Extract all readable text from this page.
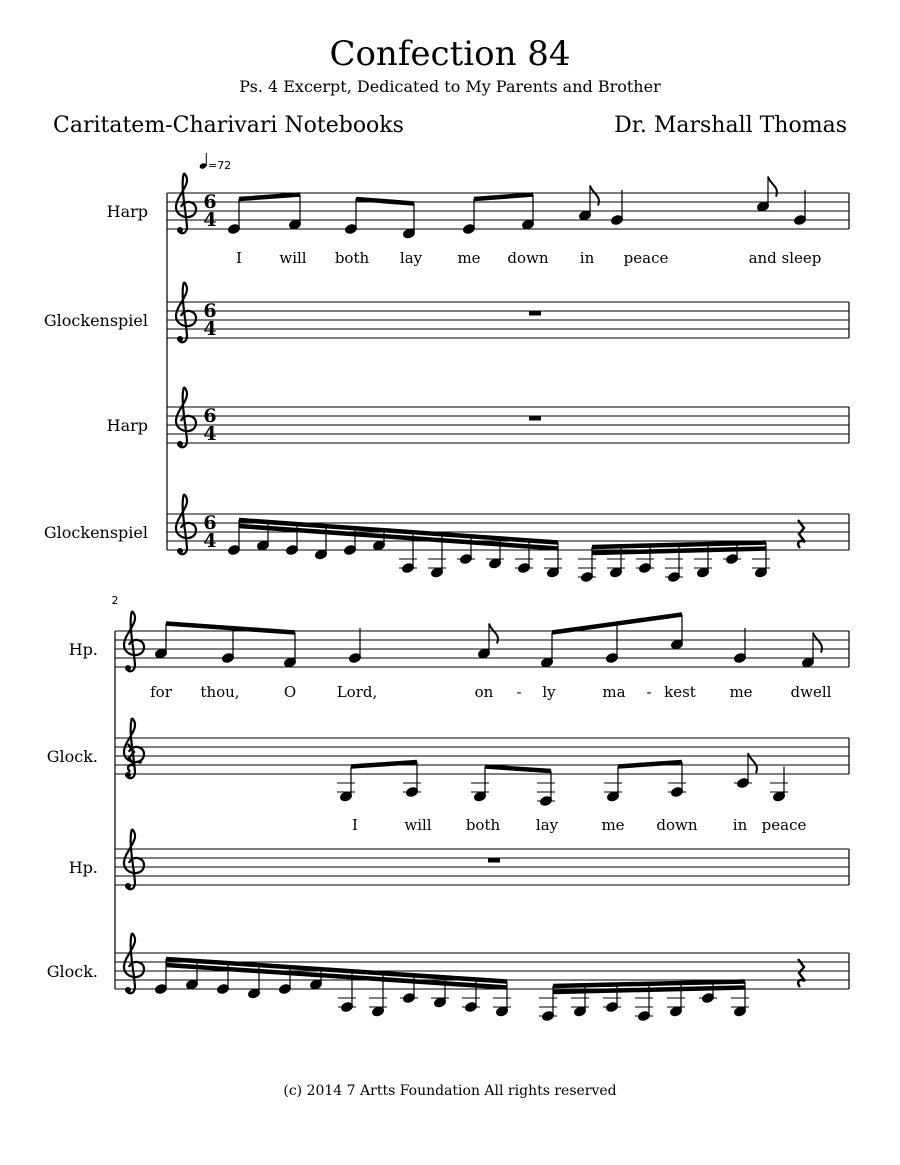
Confection 84
Ps. 4 Excerpt, Dedicated to My Parents and Brother
Caritatem-Charivari Notebooks	Dr. Marshall Thomas
=72
6
4
Harp
6
4
Glockenspiel
6
4
Harp
6
4
Glockenspiel
2
Hp.
Glock.
Hp.
Glock.
I will both lay me down in peace	and sleep
for thou,	O	Lord,	on - ly	ma - kest me	dwell
I	will both lay	me down in peace
(c) 2014 7 Artts Foundation All rights reserved
